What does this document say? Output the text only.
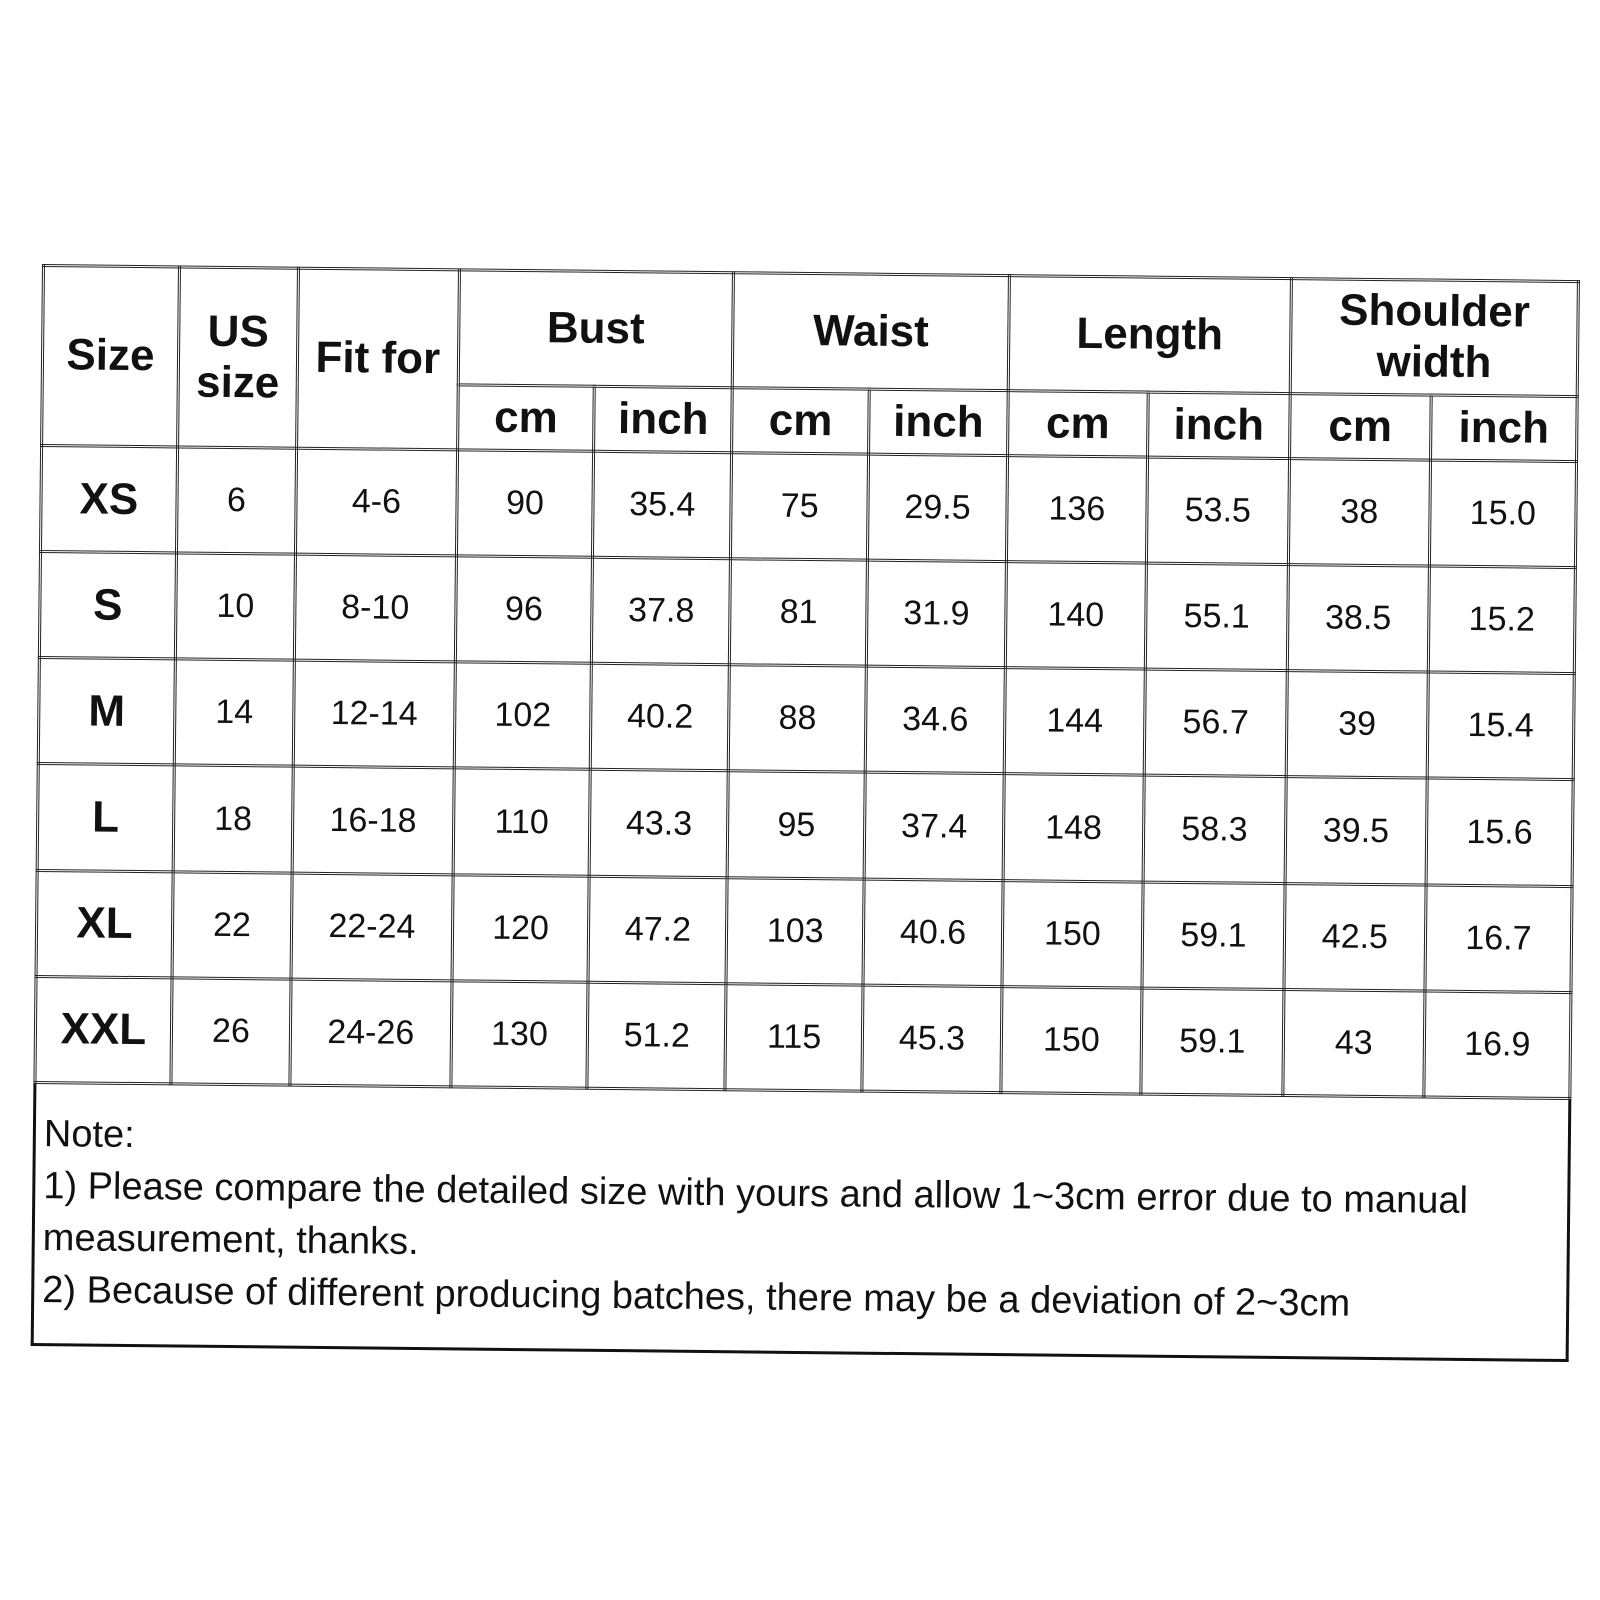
Size	US size	Fit for	Bust		Waist		Length		Shoulder width	
			cm	inch	cm	inch	cm	inch	cm	inch
XS	6	4-6	90	35.4	75	29.5	136	53.5	38	15.0
S	10	8-10	96	37.8	81	31.9	140	55.1	38.5	15.2
M	14	12-14	102	40.2	88	34.6	144	56.7	39	15.4
L	18	16-18	110	43.3	95	37.4	148	58.3	39.5	15.6
XL	22	22-24	120	47.2	103	40.6	150	59.1	42.5	16.7
XXL	26	24-26	130	51.2	115	45.3	150	59.1	43	16.9
Note:
1) Please compare the detailed size with yours and allow 1~3cm error due to manual measurement, thanks.
2) Because of different producing batches, there may be a deviation of 2~3cm
